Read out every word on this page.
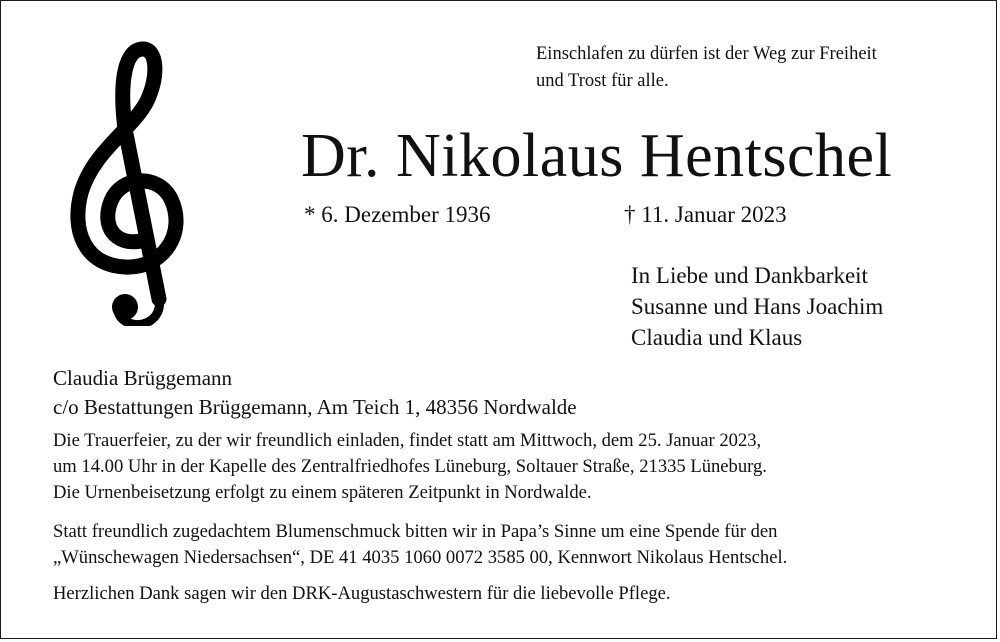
Einschlafen zu dürfen ist der Weg zur Freiheit
und Trost für alle.
Dr. Nikolaus Hentschel
* 6. Dezember 1936	† 11. Januar 2023
In Liebe und Dankbarkeit
Susanne und Hans Joachim
Claudia und Klaus
Claudia Brüggemann
c/o Bestattungen Brüggemann, Am Teich 1, 48356 Nordwalde
Die Trauerfeier, zu der wir freundlich einladen, findet statt am Mittwoch, dem 25. Januar 2023,
um 14.00 Uhr in der Kapelle des Zentralfriedhofes Lüneburg, Soltauer Straße, 21335 Lüneburg.
Die Urnenbeisetzung erfolgt zu einem späteren Zeitpunkt in Nordwalde.
Statt freundlich zugedachtem Blumenschmuck bitten wir in Papa’s Sinne um eine Spende für den
„Wünschewagen Niedersachsen“, DE 41 4035 1060 0072 3585 00, Kennwort Nikolaus Hentschel.
Herzlichen Dank sagen wir den DRK-Augustaschwestern für die liebevolle Pflege.
